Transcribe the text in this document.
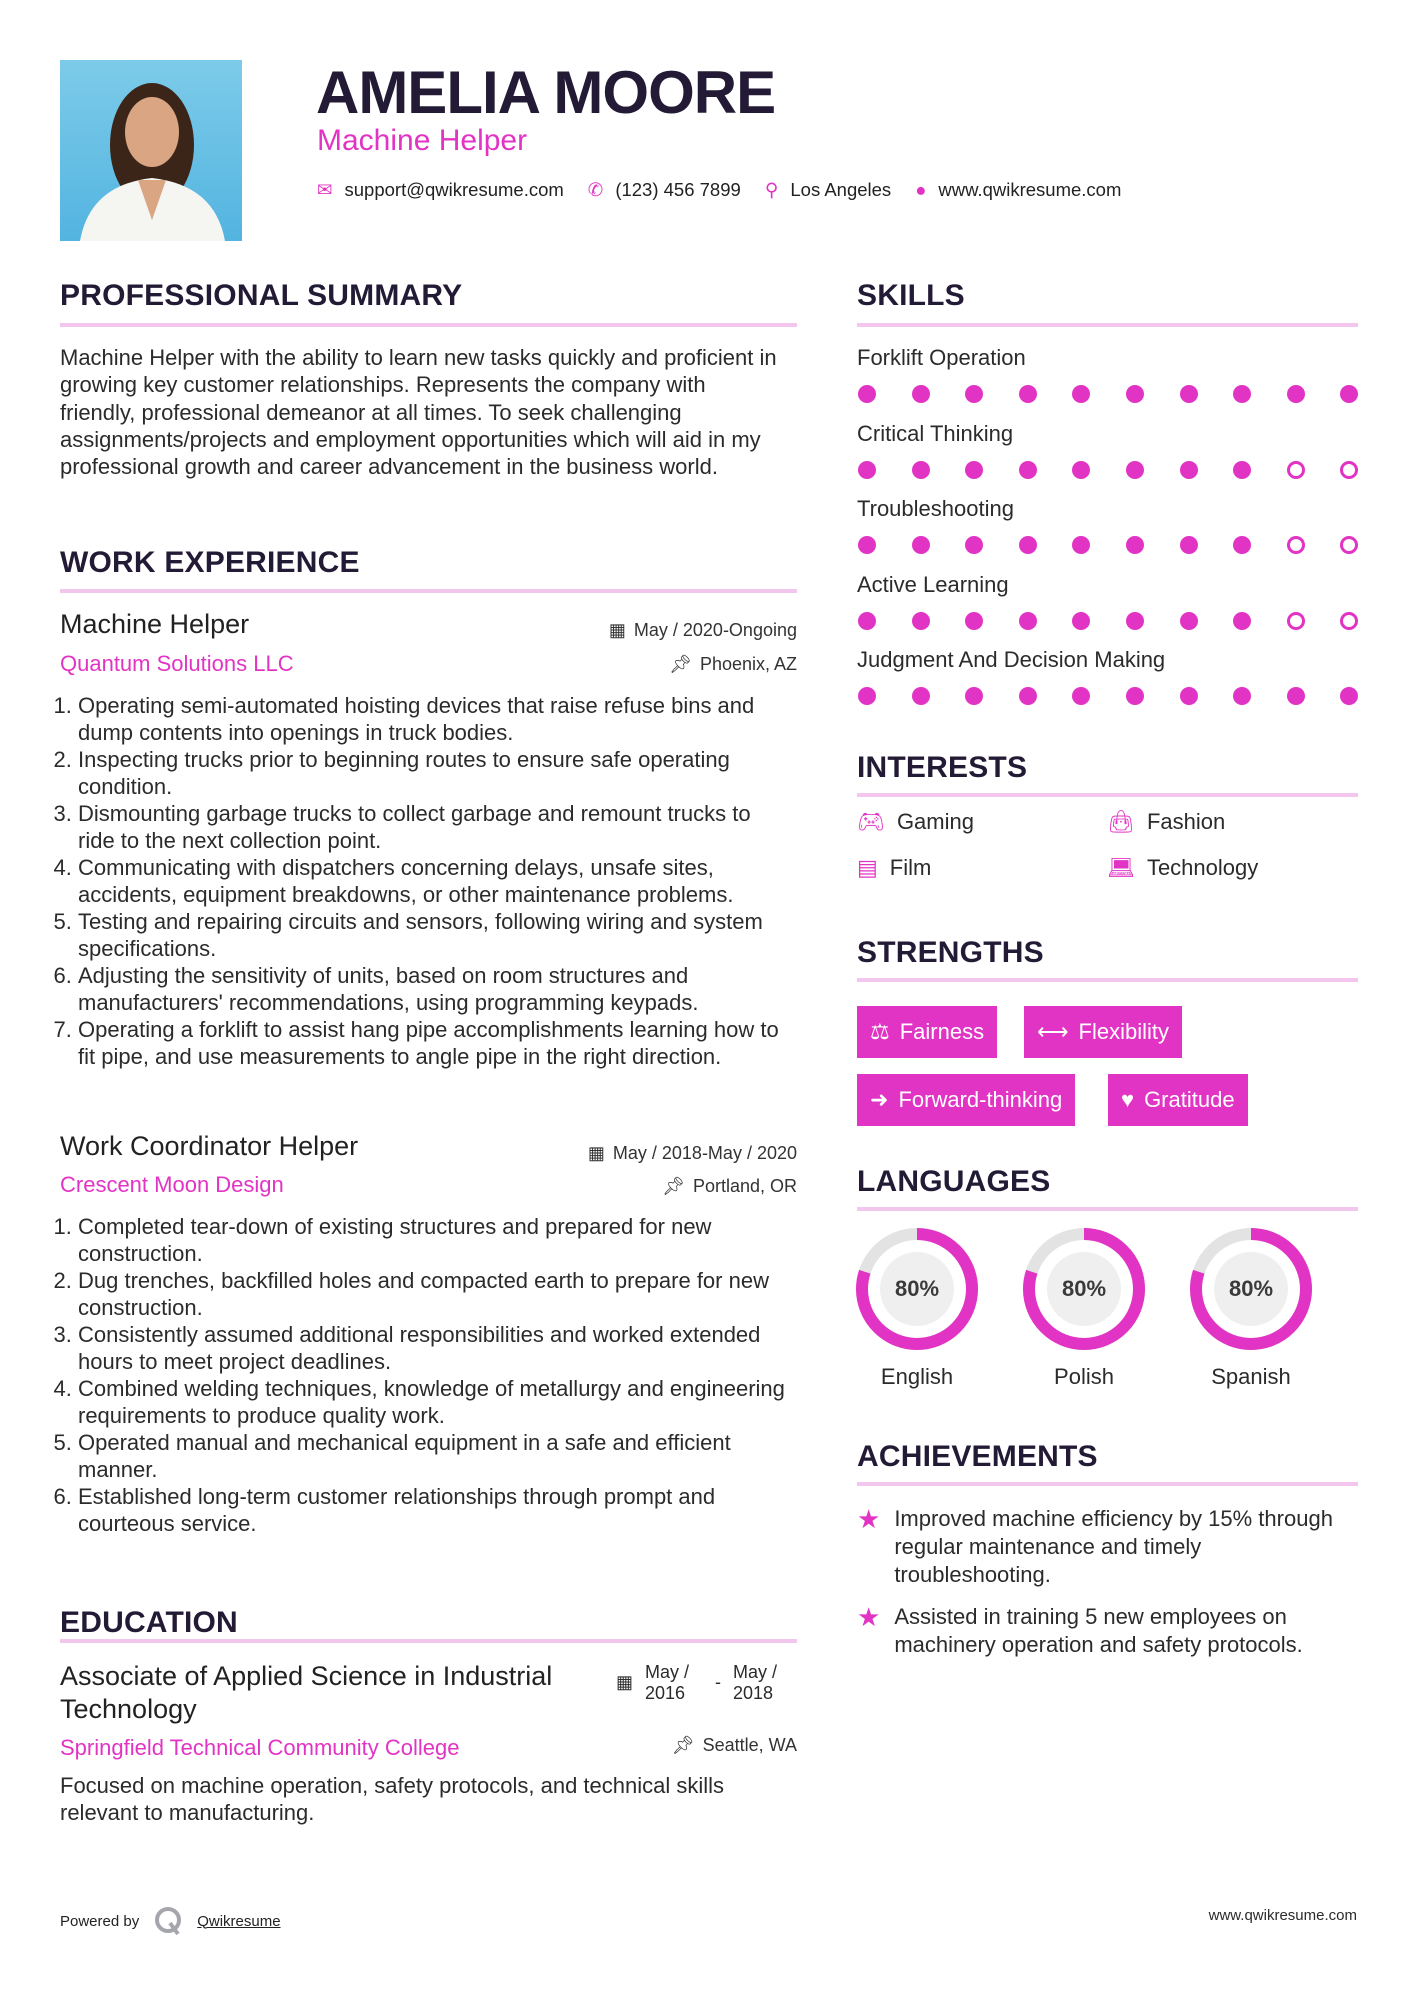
AMELIA MOORE
Machine Helper
✉ support@qwikresume.com ✆ (123) 456 7899 ⚲ Los Angeles ● www.qwikresume.com
PROFESSIONAL SUMMARY
Machine Helper with the ability to learn new tasks quickly and proficient in growing key customer relationships. Represents the company with friendly, professional demeanor at all times. To seek challenging assignments/projects and employment opportunities which will aid in my professional growth and career advancement in the business world.
WORK EXPERIENCE
Machine Helper	▦ May / 2020-Ongoing
Quantum Solutions LLC	📌︎ Phoenix, AZ
1. Operating semi-automated hoisting devices that raise refuse bins and dump contents into openings in truck bodies.
2. Inspecting trucks prior to beginning routes to ensure safe operating condition.
3. Dismounting garbage trucks to collect garbage and remount trucks to ride to the next collection point.
4. Communicating with dispatchers concerning delays, unsafe sites, accidents, equipment breakdowns, or other maintenance problems.
5. Testing and repairing circuits and sensors, following wiring and system specifications.
6. Adjusting the sensitivity of units, based on room structures and manufacturers' recommendations, using programming keypads.
7. Operating a forklift to assist hang pipe accomplishments learning how to fit pipe, and use measurements to angle pipe in the right direction.
Work Coordinator Helper	▦ May / 2018-May / 2020
Crescent Moon Design	📌︎ Portland, OR
1. Completed tear-down of existing structures and prepared for new construction.
2. Dug trenches, backfilled holes and compacted earth to prepare for new construction.
3. Consistently assumed additional responsibilities and worked extended hours to meet project deadlines.
4. Combined welding techniques, knowledge of metallurgy and engineering requirements to produce quality work.
5. Operated manual and mechanical equipment in a safe and efficient manner.
6. Established long-term customer relationships through prompt and courteous service.
EDUCATION
Associate of Applied Science in Industrial Technology
▦ May / 2016
- May / 2018
Springfield Technical Community College	📌︎ Seattle, WA
Focused on machine operation, safety protocols, and technical skills relevant to manufacturing.
Powered by	Qwikresume	www.qwikresume.com
SKILLS
Forklift Operation
Critical Thinking
Troubleshooting
Active Learning
Judgment And Decision Making
INTERESTS
🎮︎ Gaming	👜︎ Fashion
▤ Film	💻︎ Technology
STRENGTHS
⚖ Fairness ⟷ Flexibility
➜ Forward-thinking	♥ Gratitude
LANGUAGES
80%
English
80%
Polish
80%
Spanish
ACHIEVEMENTS
★ Improved machine efficiency by 15% through regular maintenance and timely troubleshooting.
★ Assisted in training 5 new employees on machinery operation and safety protocols.
